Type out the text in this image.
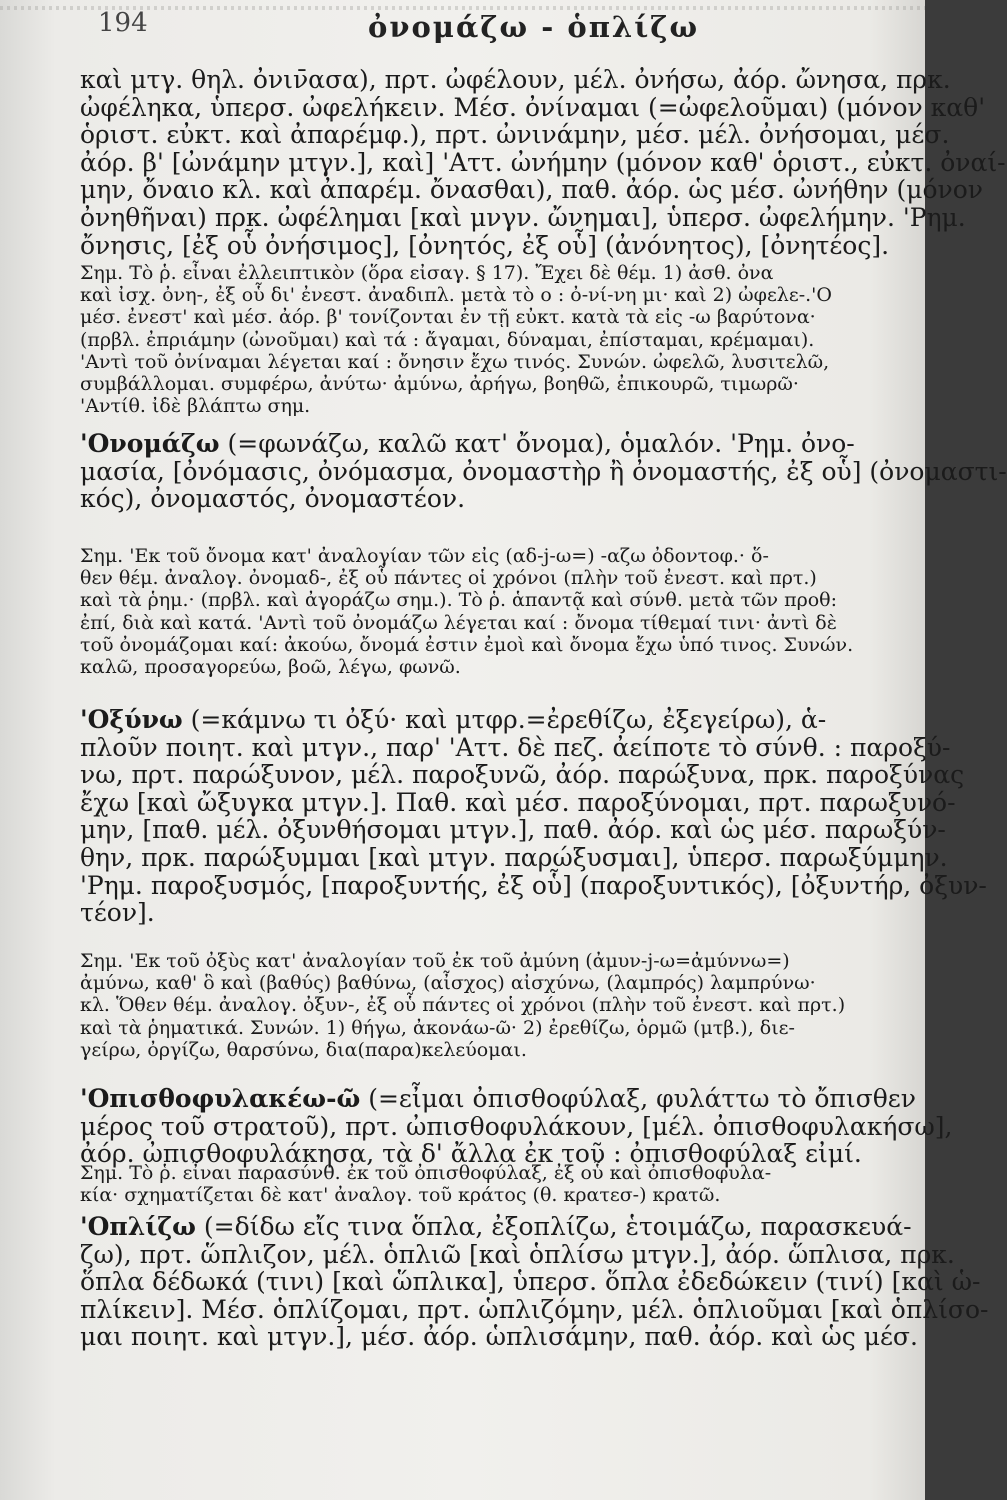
194	ὀνομάζω - ὁπλίζω
καὶ μτγ. θηλ. ὀνιν̄ασα), πρτ. ὠφέλουν, μέλ. ὀνήσω, ἀόρ. ὤνησα, πρκ.
ὠφέληκα, ὑπερσ. ὠφελήκειν. Μέσ. ὀνίναμαι (=ὠφελοῦμαι) (μόνον καθ'
ὁριστ. εὐκτ. καὶ ἀπαρέμφ.), πρτ. ὠνινάμην, μέσ. μέλ. ὀνήσομαι, μέσ.
ἀόρ. β' [ὠνάμην μτγν.], καὶ] 'Αττ. ὠνήμην (μόνον καθ' ὁριστ., εὐκτ. ὀναί-
μην, ὄναιο κλ. καὶ ἀπαρέμ. ὄνασθαι), παθ. ἀόρ. ὡς μέσ. ὠνήθην (μόνον
ὀνηθῆναι) πρκ. ὠφέλημαι [καὶ μνγν. ὤνημαι], ὑπερσ. ὠφελήμην. 'Ρημ.
ὄνησις, [ἐξ οὗ ὀνήσιμος], [ὀνητός, ἐξ οὗ] (ἀνόνητος), [ὀνητέος].
Σημ. Τὸ ῥ. εἶναι ἐλλειπτικὸν (ὅρα εἰσαγ. § 17). Ἔχει δὲ θέμ. 1) ἀσθ. ὀνα
καὶ ἰσχ. ὀνη-, ἐξ οὗ δι' ἐνεστ. ἀναδιπλ. μετὰ τὸ ο : ὀ-νί-νη μι· καὶ 2) ὠφελε-.'Ο
μέσ. ἐνεστ' καὶ μέσ. ἀόρ. β' τονίζονται ἐν τῇ εὐκτ. κατὰ τὰ εἰς -ω βαρύτονα·
(πρβλ. ἐπριάμην (ὠνοῦμαι) καὶ τά : ἄγαμαι, δύναμαι, ἐπίσταμαι, κρέμαμαι).
'Αντὶ τοῦ ὀνίναμαι λέγεται καί : ὄνησιν ἔχω τινός. Συνών. ὠφελῶ, λυσιτελῶ,
συμβάλλομαι. συμφέρω, ἀνύτω· ἀμύνω, ἀρήγω, βοηθῶ, ἐπικουρῶ, τιμωρῶ·
'Αντίθ. ἰδὲ βλάπτω σημ.
'Ονομάζω (=φωνάζω, καλῶ κατ' ὄνομα), ὁμαλόν. 'Ρημ. ὀνο-
μασία, [ὀνόμασις, ὀνόμασμα, ὀνομαστὴρ ἢ ὀνομαστής, ἐξ οὗ] (ὀνομαστι-
κός), ὀνομαστός, ὀνομαστέον.
Σημ. 'Εκ τοῦ ὄνομα κατ' ἀναλογίαν τῶν εἰς (αδ-j-ω=) -αζω ὀδοντοφ.· ὅ-
θεν θέμ. ἀναλογ. ὀνομαδ-, ἐξ οὗ πάντες οἱ χρόνοι (πλὴν τοῦ ἐνεστ. καὶ πρτ.)
καὶ τὰ ῥημ.· (πρβλ. καὶ ἀγοράζω σημ.). Τὸ ῥ. ἁπαντᾷ καὶ σύνθ. μετὰ τῶν προθ:
ἐπί, διὰ καὶ κατά. 'Αντὶ τοῦ ὀνομάζω λέγεται καί : ὄνομα τίθεμαί τινι· ἀντὶ δὲ
τοῦ ὀνομάζομαι καί: ἀκούω, ὄνομά ἐστιν ἐμοὶ καὶ ὄνομα ἔχω ὑπό τινος. Συνών.
καλῶ, προσαγορεύω, βοῶ, λέγω, φωνῶ.
'Οξύνω (=κάμνω τι ὀξύ· καὶ μτφρ.=ἐρεθίζω, ἐξεγείρω), ἁ-
πλοῦν ποιητ. καὶ μτγν., παρ' 'Αττ. δὲ πεζ. ἀείποτε τὸ σύνθ. : παροξύ-
νω, πρτ. παρώξυνον, μέλ. παροξυνῶ, ἀόρ. παρώξυνα, πρκ. παροξύνας
ἔχω [καὶ ὤξυγκα μτγν.]. Παθ. καὶ μέσ. παροξύνομαι, πρτ. παρωξυνό-
μην, [παθ. μέλ. ὀξυνθήσομαι μτγν.], παθ. ἀόρ. καὶ ὡς μέσ. παρωξύν-
θην, πρκ. παρώξυμμαι [καὶ μτγν. παρώξυσμαι], ὑπερσ. παρωξύμμην.
'Ρημ. παροξυσμός, [παροξυντής, ἐξ οὗ] (παροξυντικός), [ὀξυντήρ, ὀξυν-
τέον].
Σημ. 'Εκ τοῦ ὀξὺς κατ' ἀναλογίαν τοῦ ἐκ τοῦ ἀμύνη (ἀμυν-j-ω=ἀμύννω=)
ἀμύνω, καθ' ὃ καὶ (βαθύς) βαθύνω, (αἶσχος) αἰσχύνω, (λαμπρός) λαμπρύνω·
κλ. Ὅθεν θέμ. ἀναλογ. ὀξυν-, ἐξ οὗ πάντες οἱ χρόνοι (πλὴν τοῦ ἐνεστ. καὶ πρτ.)
καὶ τὰ ῥηματικά. Συνών. 1) θήγω, ἀκονάω-ῶ· 2) ἐρεθίζω, ὁρμῶ (μτβ.), διε-
γείρω, ὀργίζω, θαρσύνω, δια(παρα)κελεύομαι.
'Οπισθοφυλακέω-ῶ (=εἶμαι ὀπισθοφύλαξ, φυλάττω τὸ ὄπισθεν
μέρος τοῦ στρατοῦ), πρτ. ὠπισθοφυλάκουν, [μέλ. ὀπισθοφυλακήσω],
ἀόρ. ὠπισθοφυλάκησα, τὰ δ' ἄλλα ἐκ τοῦ : ὀπισθοφύλαξ εἰμί.
Σημ. Τὸ ῥ. εἶναι παρασύνθ. ἐκ τοῦ ὀπισθοφύλαξ, ἐξ οὗ καὶ ὀπισθοφυλα-
κία· σχηματίζεται δὲ κατ' ἀναλογ. τοῦ κράτος (θ. κρατεσ-) κρατῶ.
'Οπλίζω (=δίδω εἴς τινα ὅπλα, ἐξοπλίζω, ἑτοιμάζω, παρασκευά-
ζω), πρτ. ὥπλιζον, μέλ. ὁπλιῶ [καὶ ὁπλίσω μτγν.], ἀόρ. ὥπλισα, πρκ.
ὅπλα δέδωκά (τινι) [καὶ ὥπλικα], ὑπερσ. ὅπλα ἐδεδώκειν (τινί) [καὶ ὡ-
πλίκειν]. Μέσ. ὁπλίζομαι, πρτ. ὡπλιζόμην, μέλ. ὁπλιοῦμαι [καὶ ὁπλίσο-
μαι ποιητ. καὶ μτγν.], μέσ. ἀόρ. ὡπλισάμην, παθ. ἀόρ. καὶ ὡς μέσ.
